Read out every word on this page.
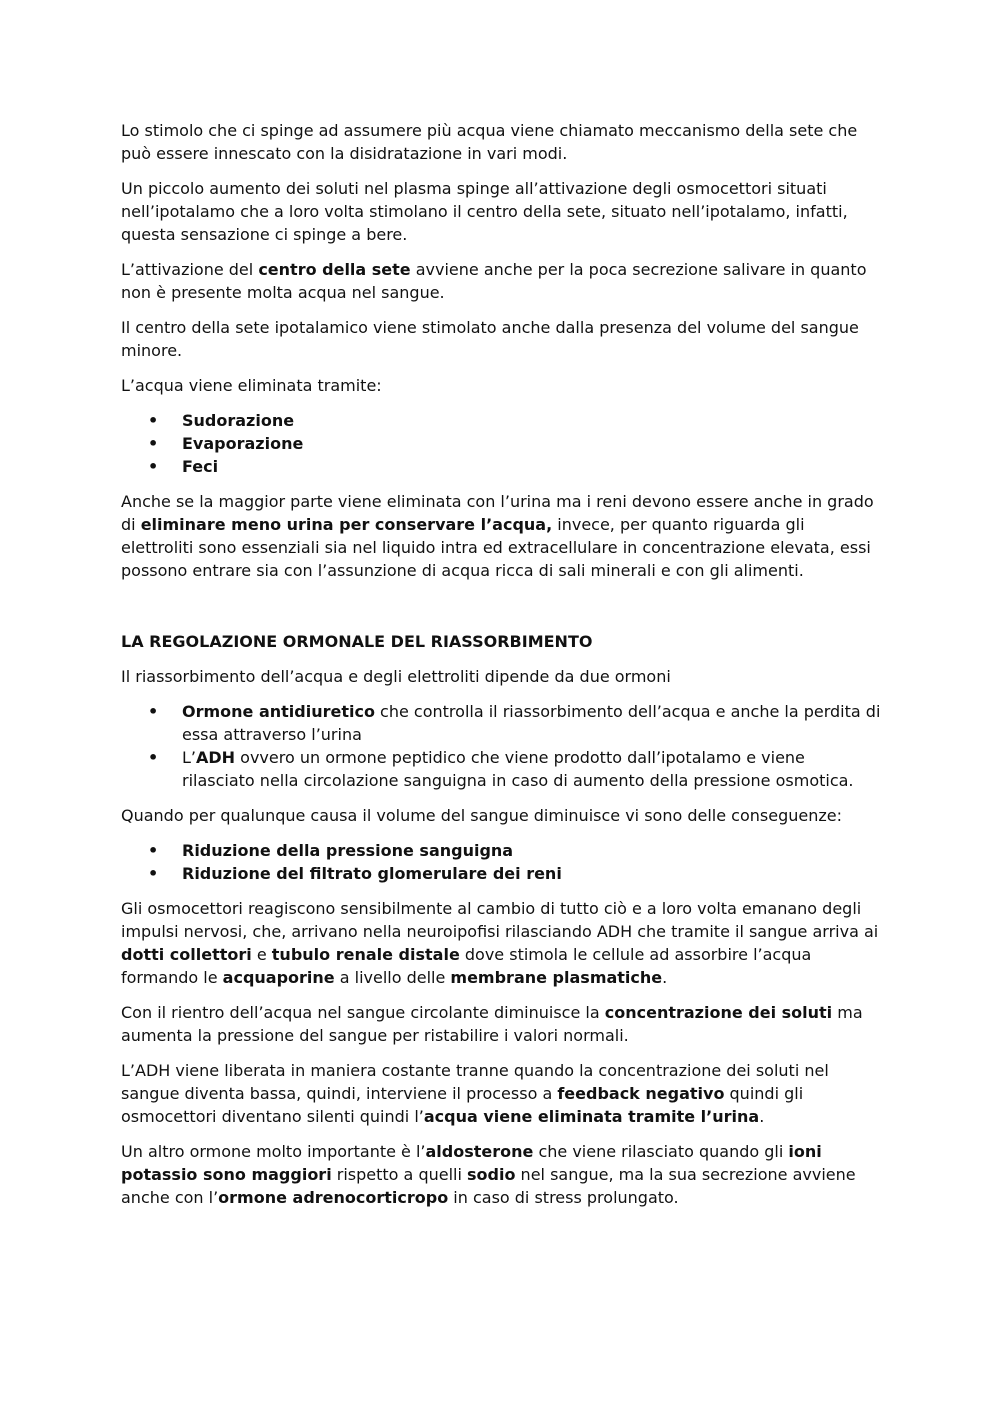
Lo stimolo che ci spinge ad assumere più acqua viene chiamato meccanismo della sete che può essere innescato con la disidratazione in vari modi.

Un piccolo aumento dei soluti nel plasma spinge all’attivazione degli osmocettori situati nell’ipotalamo che a loro volta stimolano il centro della sete, situato nell’ipotalamo, infatti, questa sensazione ci spinge a bere.

L’attivazione del centro della sete avviene anche per la poca secrezione salivare in quanto non è presente molta acqua nel sangue.

Il centro della sete ipotalamico viene stimolato anche dalla presenza del volume del sangue minore.

L’acqua viene eliminata tramite:

• Sudorazione
• Evaporazione
• Feci

Anche se la maggior parte viene eliminata con l’urina ma i reni devono essere anche in grado di eliminare meno urina per conservare l’acqua, invece, per quanto riguarda gli elettroliti sono essenziali sia nel liquido intra ed extracellulare in concentrazione elevata, essi possono entrare sia con l’assunzione di acqua ricca di sali minerali e con gli alimenti.

LA REGOLAZIONE ORMONALE DEL RIASSORBIMENTO

Il riassorbimento dell’acqua e degli elettroliti dipende da due ormoni

• Ormone antidiuretico che controlla il riassorbimento dell’acqua e anche la perdita di essa attraverso l’urina
• L’ADH ovvero un ormone peptidico che viene prodotto dall’ipotalamo e viene rilasciato nella circolazione sanguigna in caso di aumento della pressione osmotica.

Quando per qualunque causa il volume del sangue diminuisce vi sono delle conseguenze:

• Riduzione della pressione sanguigna
• Riduzione del filtrato glomerulare dei reni

Gli osmocettori reagiscono sensibilmente al cambio di tutto ciò e a loro volta emanano degli impulsi nervosi, che, arrivano nella neuroipofisi rilasciando ADH che tramite il sangue arriva ai dotti collettori e tubulo renale distale dove stimola le cellule ad assorbire l’acqua formando le acquaporine a livello delle membrane plasmatiche.

Con il rientro dell’acqua nel sangue circolante diminuisce la concentrazione dei soluti ma aumenta la pressione del sangue per ristabilire i valori normali.

L’ADH viene liberata in maniera costante tranne quando la concentrazione dei soluti nel sangue diventa bassa, quindi, interviene il processo a feedback negativo quindi gli osmocettori diventano silenti quindi l’acqua viene eliminata tramite l’urina.

Un altro ormone molto importante è l’aldosterone che viene rilasciato quando gli ioni potassio sono maggiori rispetto a quelli sodio nel sangue, ma la sua secrezione avviene anche con l’ormone adrenocorticropo in caso di stress prolungato.
